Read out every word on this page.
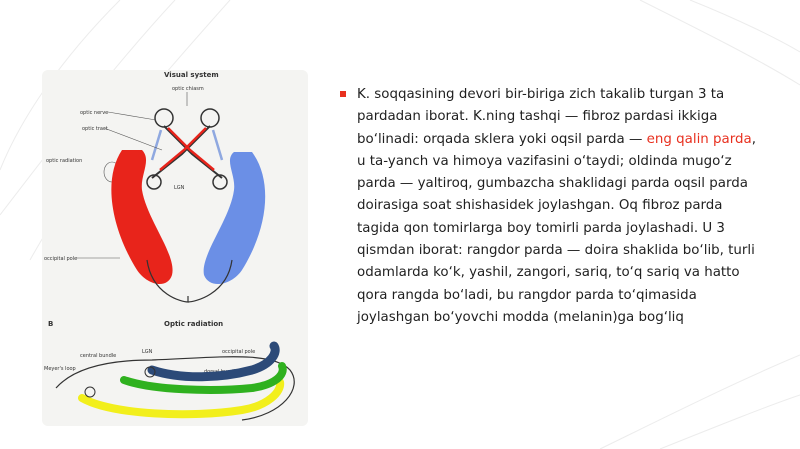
Visual system
optic chiasm
optic nerve
optic tract
LGN
optic radiation
occipital pole
B	Optic radiation
central bundle
LGN	occipital pole
Meyer's loop	dorsal bundle

K. soqqasining devori bir-biriga zich takalib turgan 3 ta pardadan iborat. K.ning tashqi — fibroz pardasi ikkiga bo‘linadi: orqada sklera yoki oqsil parda — eng qalin parda, u ta-yanch va himoya vazifasini o‘taydi; oldinda mugo‘z parda — yaltiroq, gumbazcha shaklidagi parda oqsil parda doirasiga soat shishasidek joylashgan. Oq fibroz parda tagida qon tomirlarga boy tomirli parda joylashadi. U 3 qismdan iborat: rangdor parda — doira shaklida bo‘lib, turli odamlarda ko‘k, yashil, zangori, sariq, to‘q sariq va hatto qora rangda bo‘ladi, bu rangdor parda to‘qimasida joylashgan bo‘yovchi modda (melanin)ga bog‘liq
